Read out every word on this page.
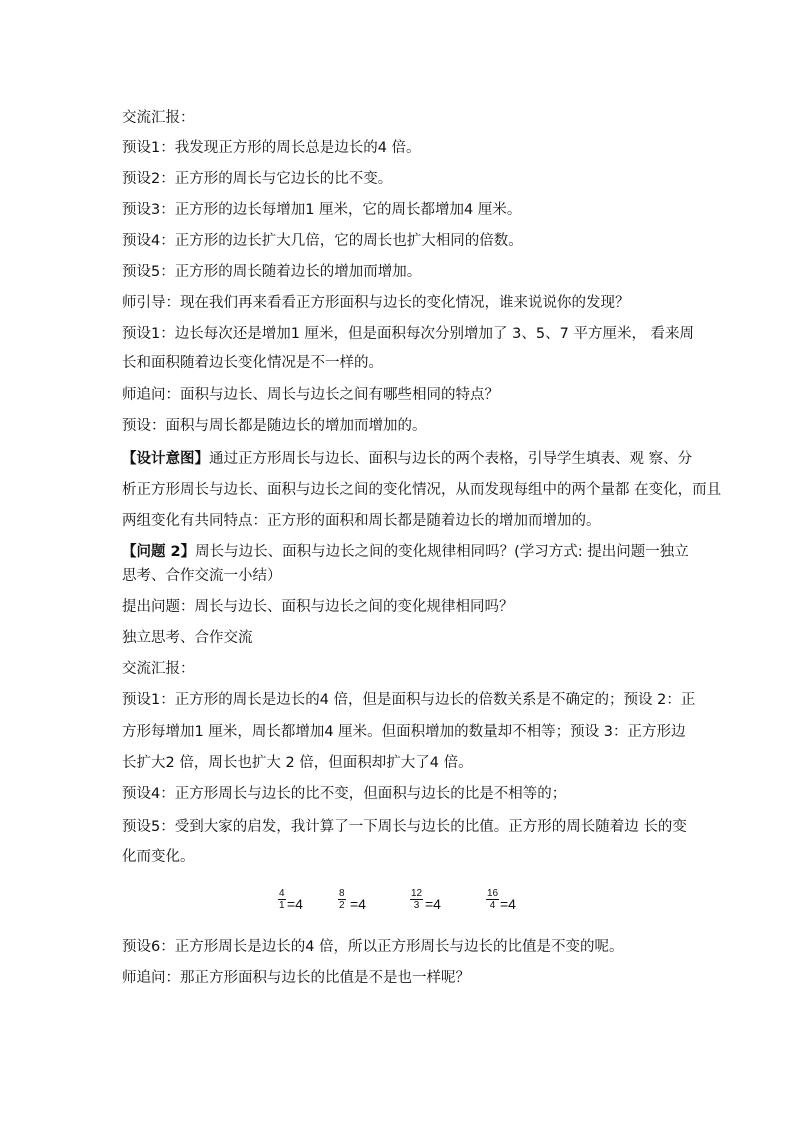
交流汇报：
预设1：我发现正方形的周长总是边长的4 倍。
预设2：正方形的周长与它边长的比不变。
预设3：正方形的边长每增加1 厘米，它的周长都增加4 厘米。
预设4：正方形的边长扩大几倍，它的周长也扩大相同的倍数。
预设5：正方形的周长随着边长的增加而增加。
师引导：现在我们再来看看正方形面积与边长的变化情况，谁来说说你的发现？
预设1：边长每次还是增加1 厘米，但是面积每次分别增加了 3、5、7 平方厘米， 看来周
长和面积随着边长变化情况是不一样的。
师追问：面积与边长、周长与边长之间有哪些相同的特点？
预设：面积与周长都是随边长的增加而增加的。
【设计意图】通过正方形周长与边长、面积与边长的两个表格，引导学生填表、观 察、分
析正方形周长与边长、面积与边长之间的变化情况，从而发现每组中的两个量都 在变化，而且
两组变化有共同特点：正方形的面积和周长都是随着边长的增加而增加的。
【问题 2】周长与边长、面积与边长之间的变化规律相同吗？(学习方式: 提出问题一独立
思考、合作交流一小结）
提出问题：周长与边长、面积与边长之间的变化规律相同吗？
独立思考、合作交流
交流汇报：
预设1：正方形的周长是边长的4 倍，但是面积与边长的倍数关系是不确定的；预设 2：正
方形每增加1 厘米，周长都增加4 厘米。但面积增加的数量却不相等；预设 3：正方形边
长扩大2 倍，周长也扩大 2 倍，但面积却扩大了4 倍。
预设4：正方形周长与边长的比不变，但面积与边长的比是不相等的；
预设5：受到大家的启发，我计算了一下周长与边长的比值。正方形的周长随着边 长的变
化而变化。
$\frac{4}{1} =4$	$\frac{8}{2} =4$	$\frac{12}{3} =4$	$\frac{16}{4} =4$
预设6：正方形周长是边长的4 倍，所以正方形周长与边长的比值是不变的呢。
师追问：那正方形面积与边长的比值是不是也一样呢？
